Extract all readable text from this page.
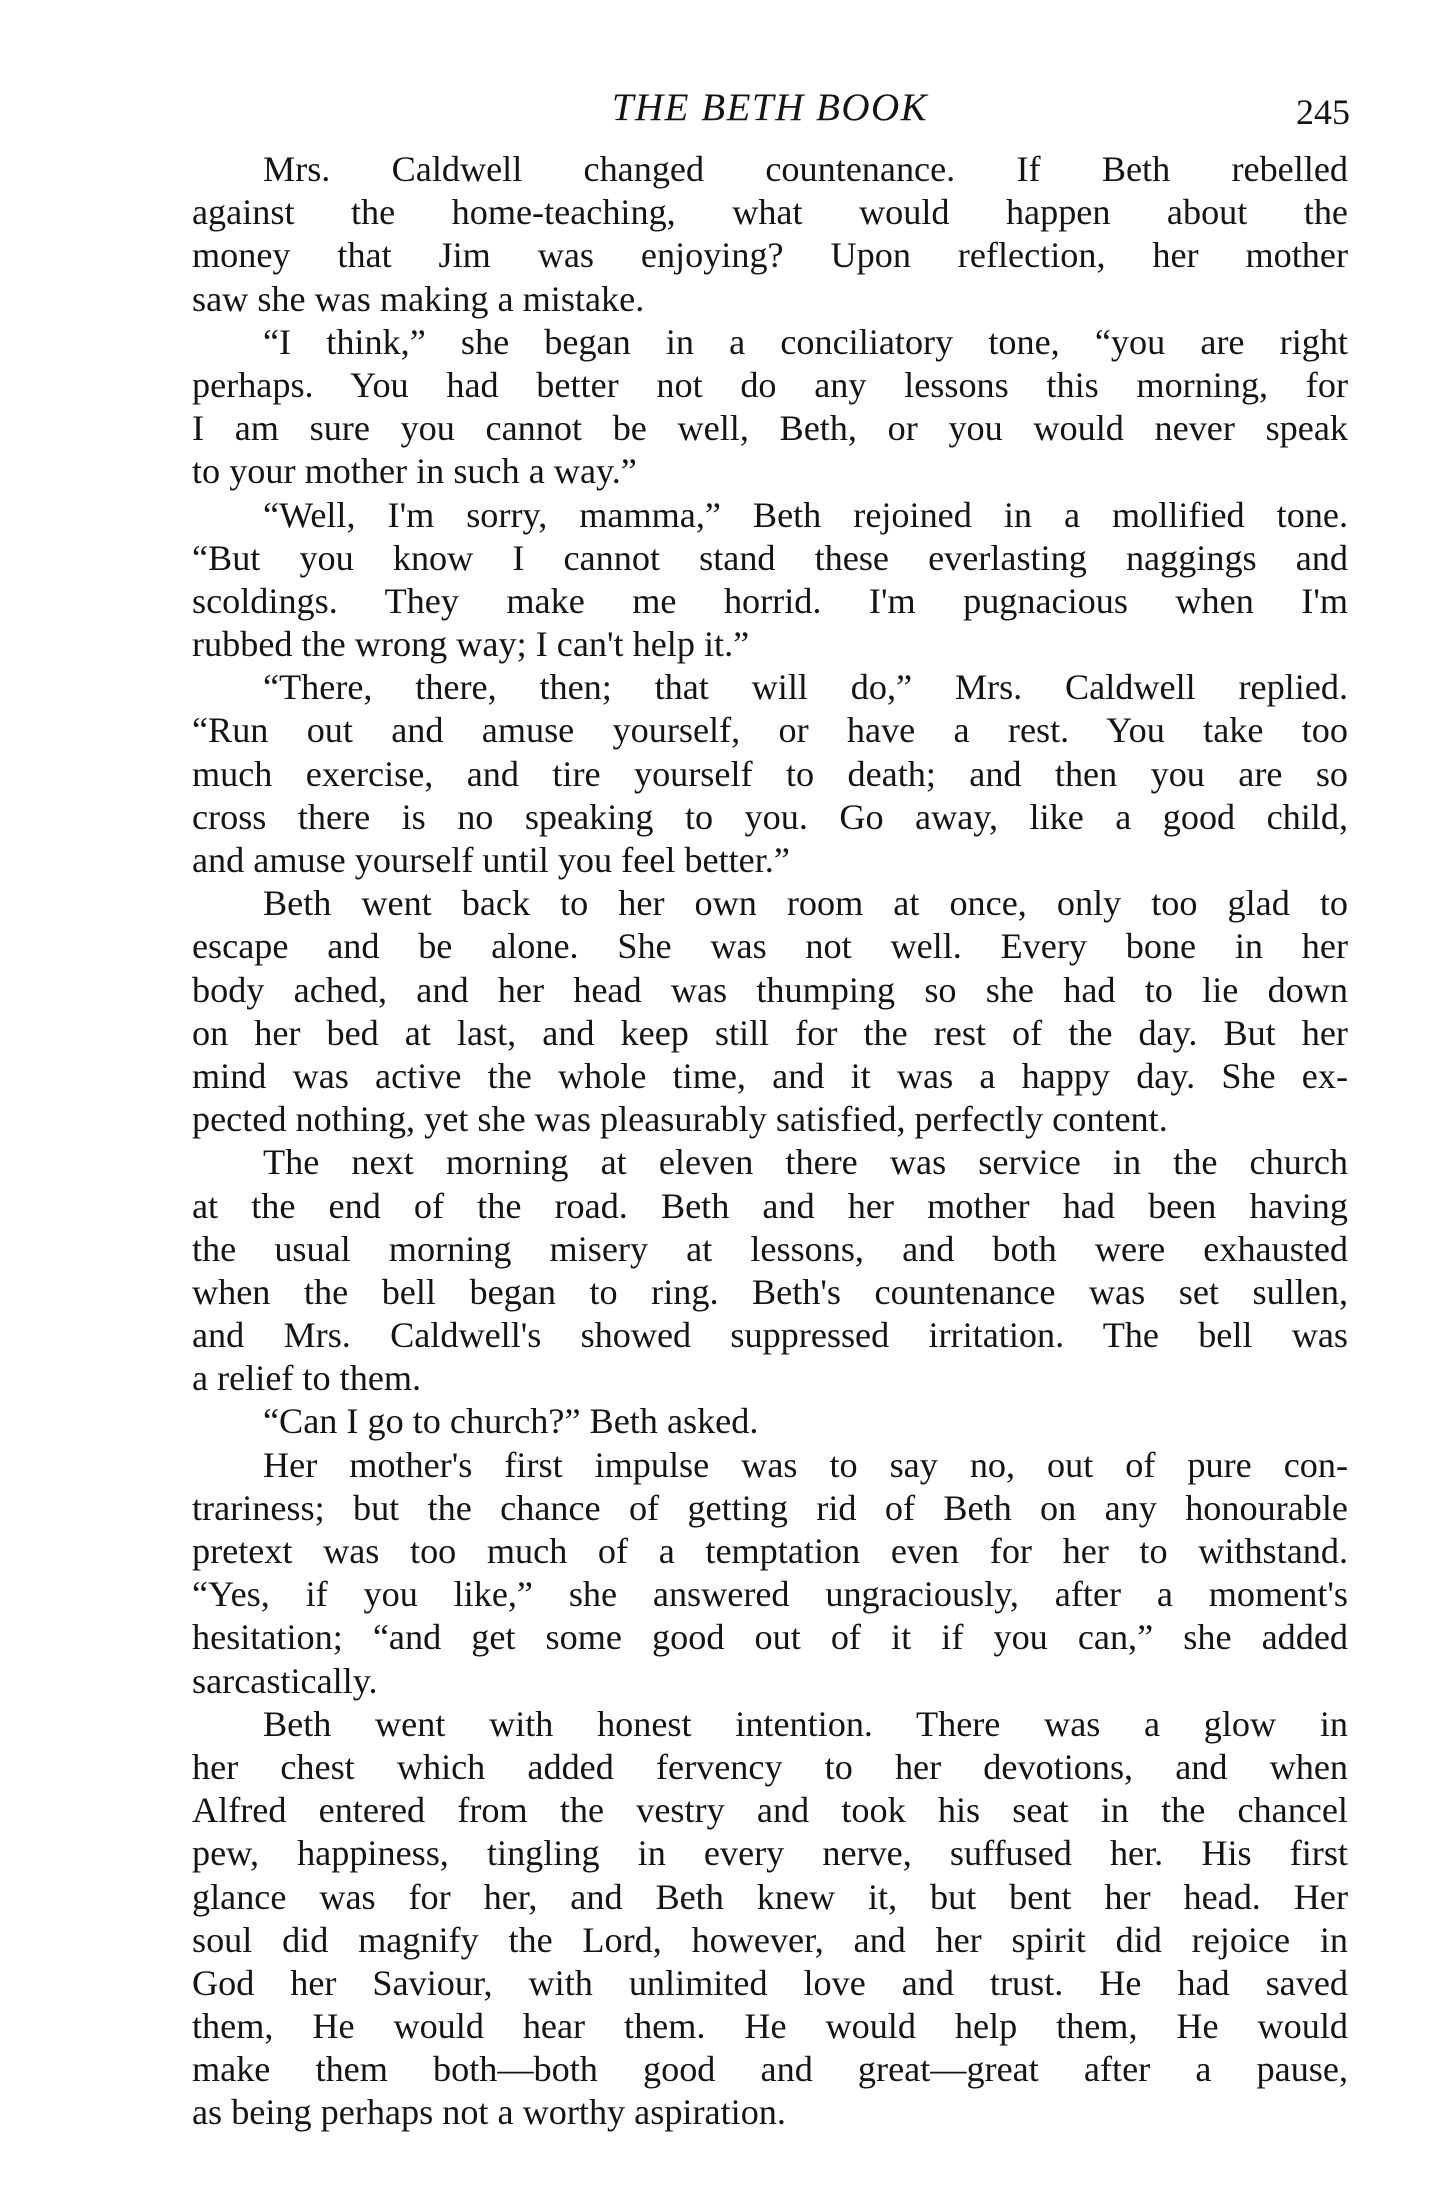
THE BETH BOOK	245
Mrs. Caldwell changed countenance. If Beth rebelled
against the home-teaching, what would happen about the
money that Jim was enjoying? Upon reflection, her mother
saw she was making a mistake.
“I think,” she began in a conciliatory tone, “you are right
perhaps. You had better not do any lessons this morning, for
I am sure you cannot be well, Beth, or you would never speak
to your mother in such a way.”
“Well, I'm sorry, mamma,” Beth rejoined in a mollified tone.
“But you know I cannot stand these everlasting naggings and
scoldings. They make me horrid. I'm pugnacious when I'm
rubbed the wrong way; I can't help it.”
“There, there, then; that will do,” Mrs. Caldwell replied.
“Run out and amuse yourself, or have a rest. You take too
much exercise, and tire yourself to death; and then you are so
cross there is no speaking to you. Go away, like a good child,
and amuse yourself until you feel better.”
Beth went back to her own room at once, only too glad to
escape and be alone. She was not well. Every bone in her
body ached, and her head was thumping so she had to lie down
on her bed at last, and keep still for the rest of the day. But her
mind was active the whole time, and it was a happy day. She ex-
pected nothing, yet she was pleasurably satisfied, perfectly content.
The next morning at eleven there was service in the church
at the end of the road. Beth and her mother had been having
the usual morning misery at lessons, and both were exhausted
when the bell began to ring. Beth's countenance was set sullen,
and Mrs. Caldwell's showed suppressed irritation. The bell was
a relief to them.
“Can I go to church?” Beth asked.
Her mother's first impulse was to say no, out of pure con-
trariness; but the chance of getting rid of Beth on any honourable
pretext was too much of a temptation even for her to withstand.
“Yes, if you like,” she answered ungraciously, after a moment's
hesitation; “and get some good out of it if you can,” she added
sarcastically.
Beth went with honest intention. There was a glow in
her chest which added fervency to her devotions, and when
Alfred entered from the vestry and took his seat in the chancel
pew, happiness, tingling in every nerve, suffused her. His first
glance was for her, and Beth knew it, but bent her head. Her
soul did magnify the Lord, however, and her spirit did rejoice in
God her Saviour, with unlimited love and trust. He had saved
them, He would hear them. He would help them, He would
make them both—both good and great—great after a pause,
as being perhaps not a worthy aspiration.
